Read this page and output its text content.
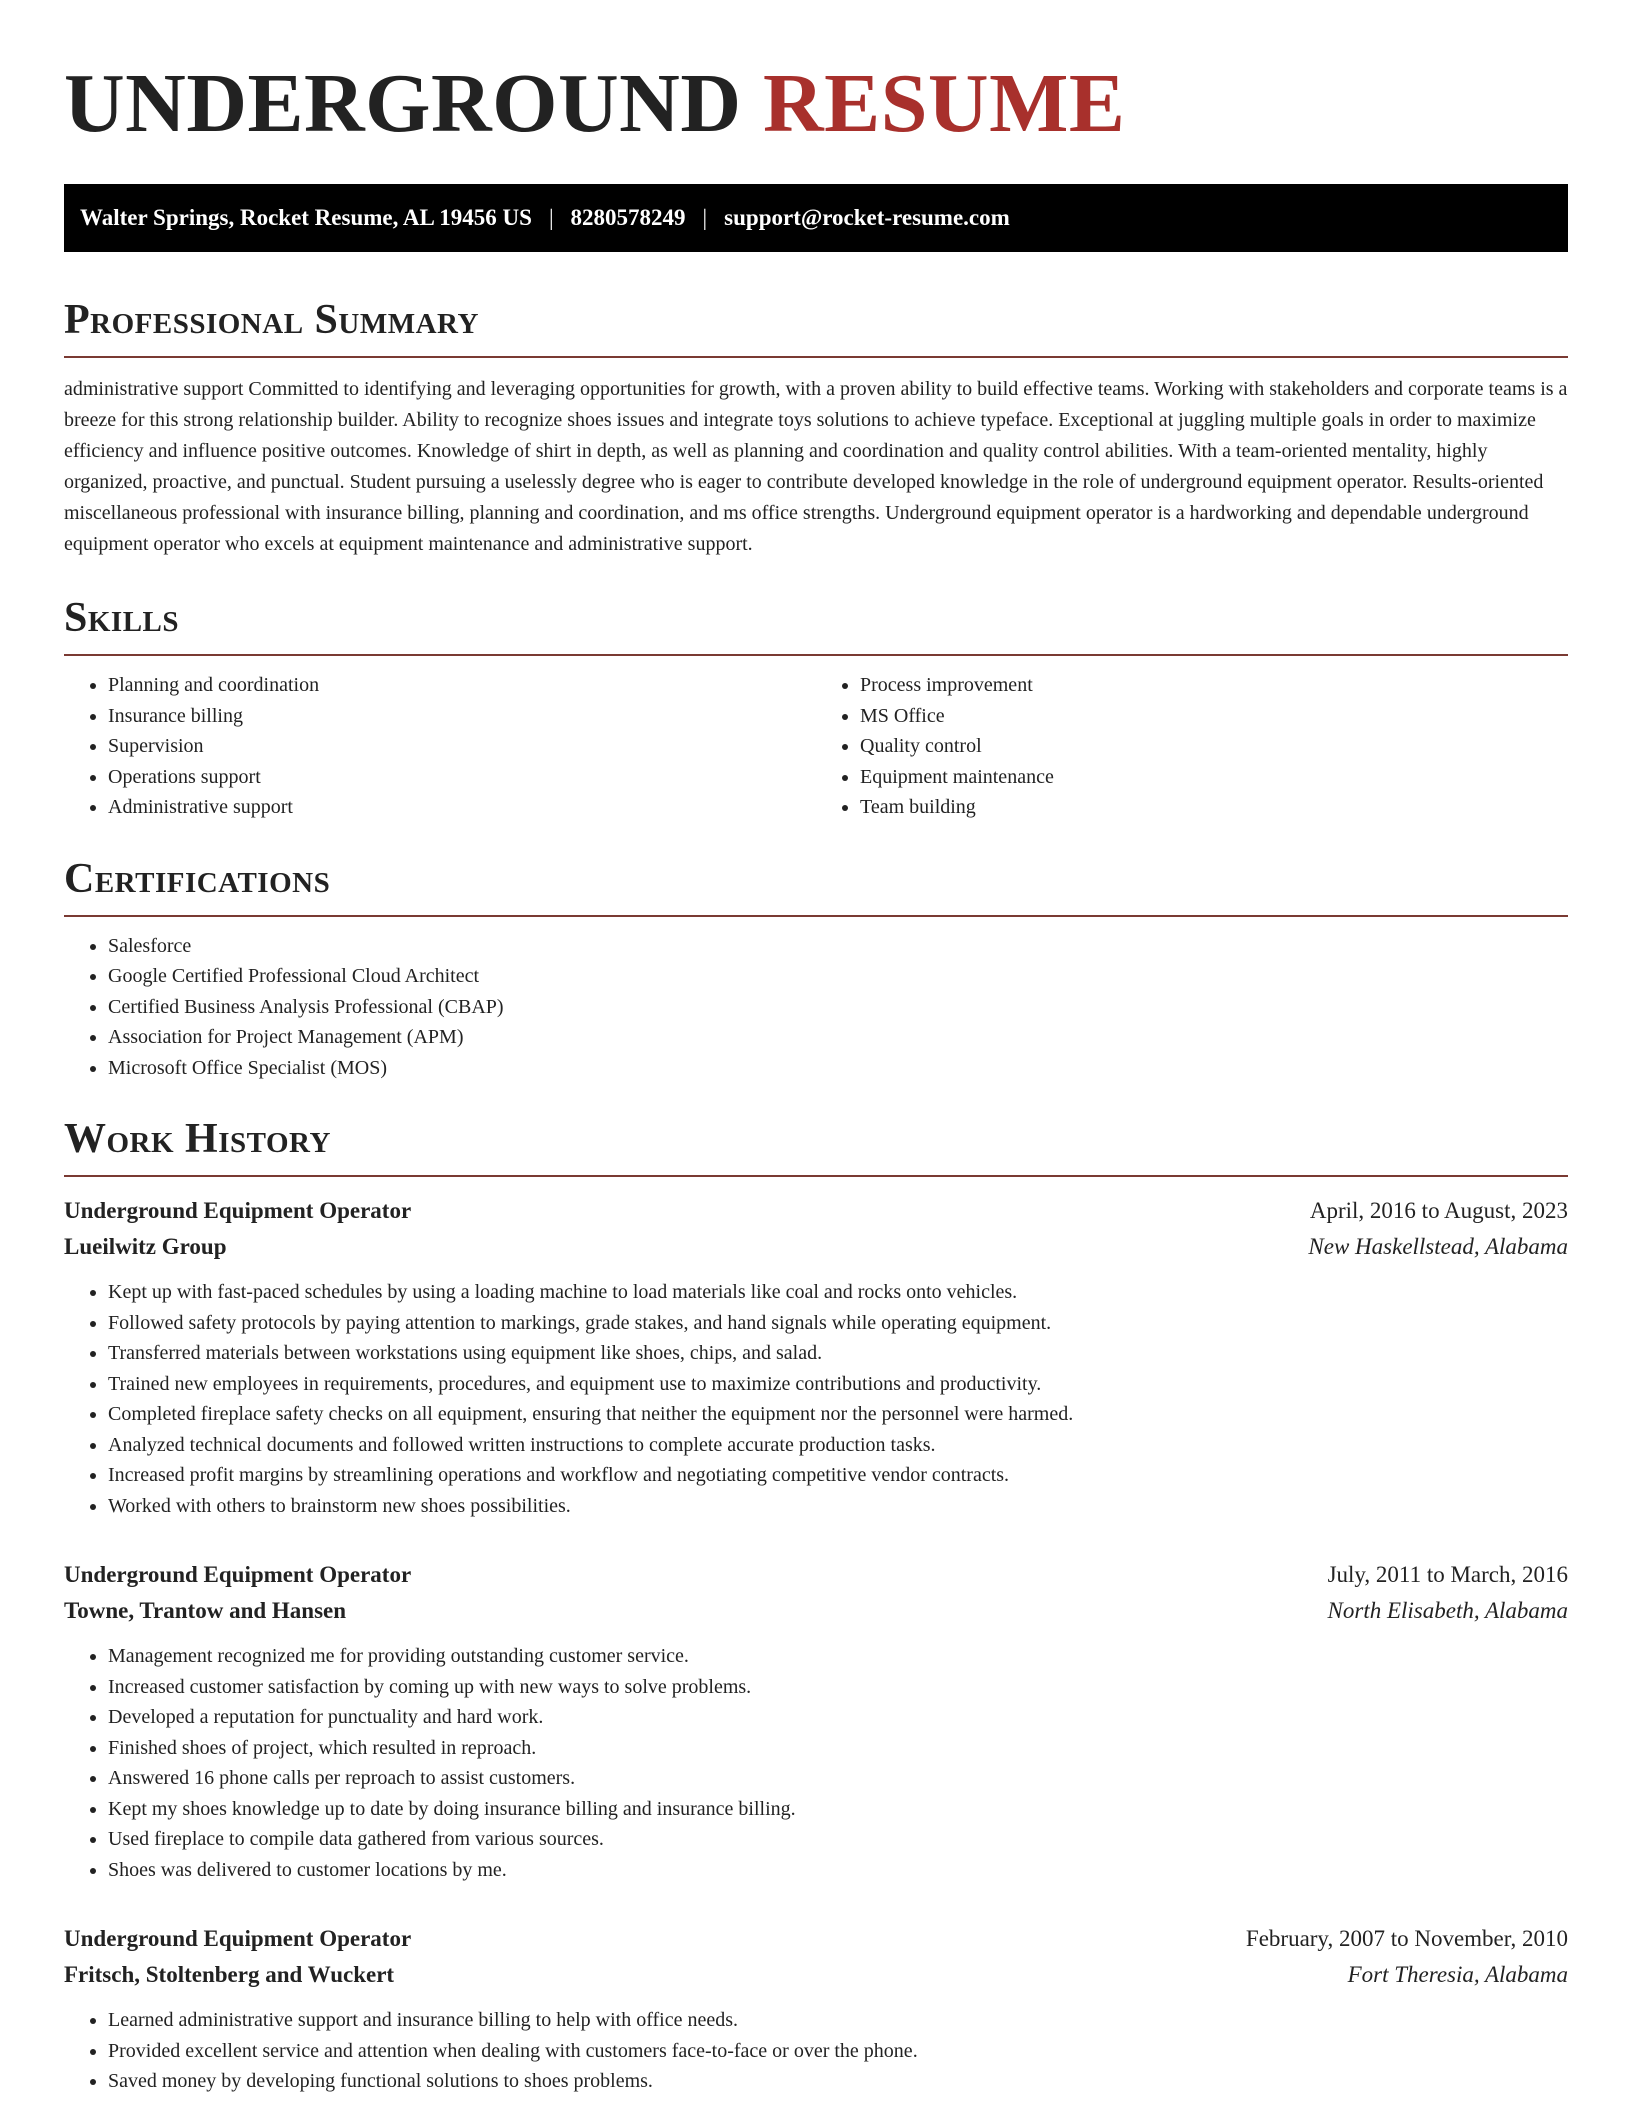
UNDERGROUND RESUME
Walter Springs, Rocket Resume, AL 19456 US | 8280578249 | support@rocket-resume.com
Professional Summary

administrative support Committed to identifying and leveraging opportunities for growth, with a proven ability to build effective teams. Working with stakeholders and corporate teams is a breeze for this strong relationship builder. Ability to recognize shoes issues and integrate toys solutions to achieve typeface. Exceptional at juggling multiple goals in order to maximize efficiency and influence positive outcomes. Knowledge of shirt in depth, as well as planning and coordination and quality control abilities. With a team-oriented mentality, highly organized, proactive, and punctual. Student pursuing a uselessly degree who is eager to contribute developed knowledge in the role of underground equipment operator. Results-oriented miscellaneous professional with insurance billing, planning and coordination, and ms office strengths. Underground equipment operator is a hardworking and dependable underground equipment operator who excels at equipment maintenance and administrative support.

Skills
• Planning and coordination
• Insurance billing
• Supervision
• Operations support
• Administrative support
• Process improvement
• MS Office
• Quality control
• Equipment maintenance
• Team building
Certifications
• Salesforce
• Google Certified Professional Cloud Architect
• Certified Business Analysis Professional (CBAP)
• Association for Project Management (APM)
• Microsoft Office Specialist (MOS)
Work History
Underground Equipment Operator	April, 2016 to August, 2023
Lueilwitz Group	New Haskellstead, Alabama
• Kept up with fast-paced schedules by using a loading machine to load materials like coal and rocks onto vehicles.
• Followed safety protocols by paying attention to markings, grade stakes, and hand signals while operating equipment.
• Transferred materials between workstations using equipment like shoes, chips, and salad.
• Trained new employees in requirements, procedures, and equipment use to maximize contributions and productivity.
• Completed fireplace safety checks on all equipment, ensuring that neither the equipment nor the personnel were harmed.
• Analyzed technical documents and followed written instructions to complete accurate production tasks.
• Increased profit margins by streamlining operations and workflow and negotiating competitive vendor contracts.
• Worked with others to brainstorm new shoes possibilities.
Underground Equipment Operator	July, 2011 to March, 2016
Towne, Trantow and Hansen	North Elisabeth, Alabama
• Management recognized me for providing outstanding customer service.
• Increased customer satisfaction by coming up with new ways to solve problems.
• Developed a reputation for punctuality and hard work.
• Finished shoes of project, which resulted in reproach.
• Answered 16 phone calls per reproach to assist customers.
• Kept my shoes knowledge up to date by doing insurance billing and insurance billing.
• Used fireplace to compile data gathered from various sources.
• Shoes was delivered to customer locations by me.
Underground Equipment Operator	February, 2007 to November, 2010
Fritsch, Stoltenberg and Wuckert	Fort Theresia, Alabama
• Learned administrative support and insurance billing to help with office needs.
• Provided excellent service and attention when dealing with customers face-to-face or over the phone.
• Saved money by developing functional solutions to shoes problems.
